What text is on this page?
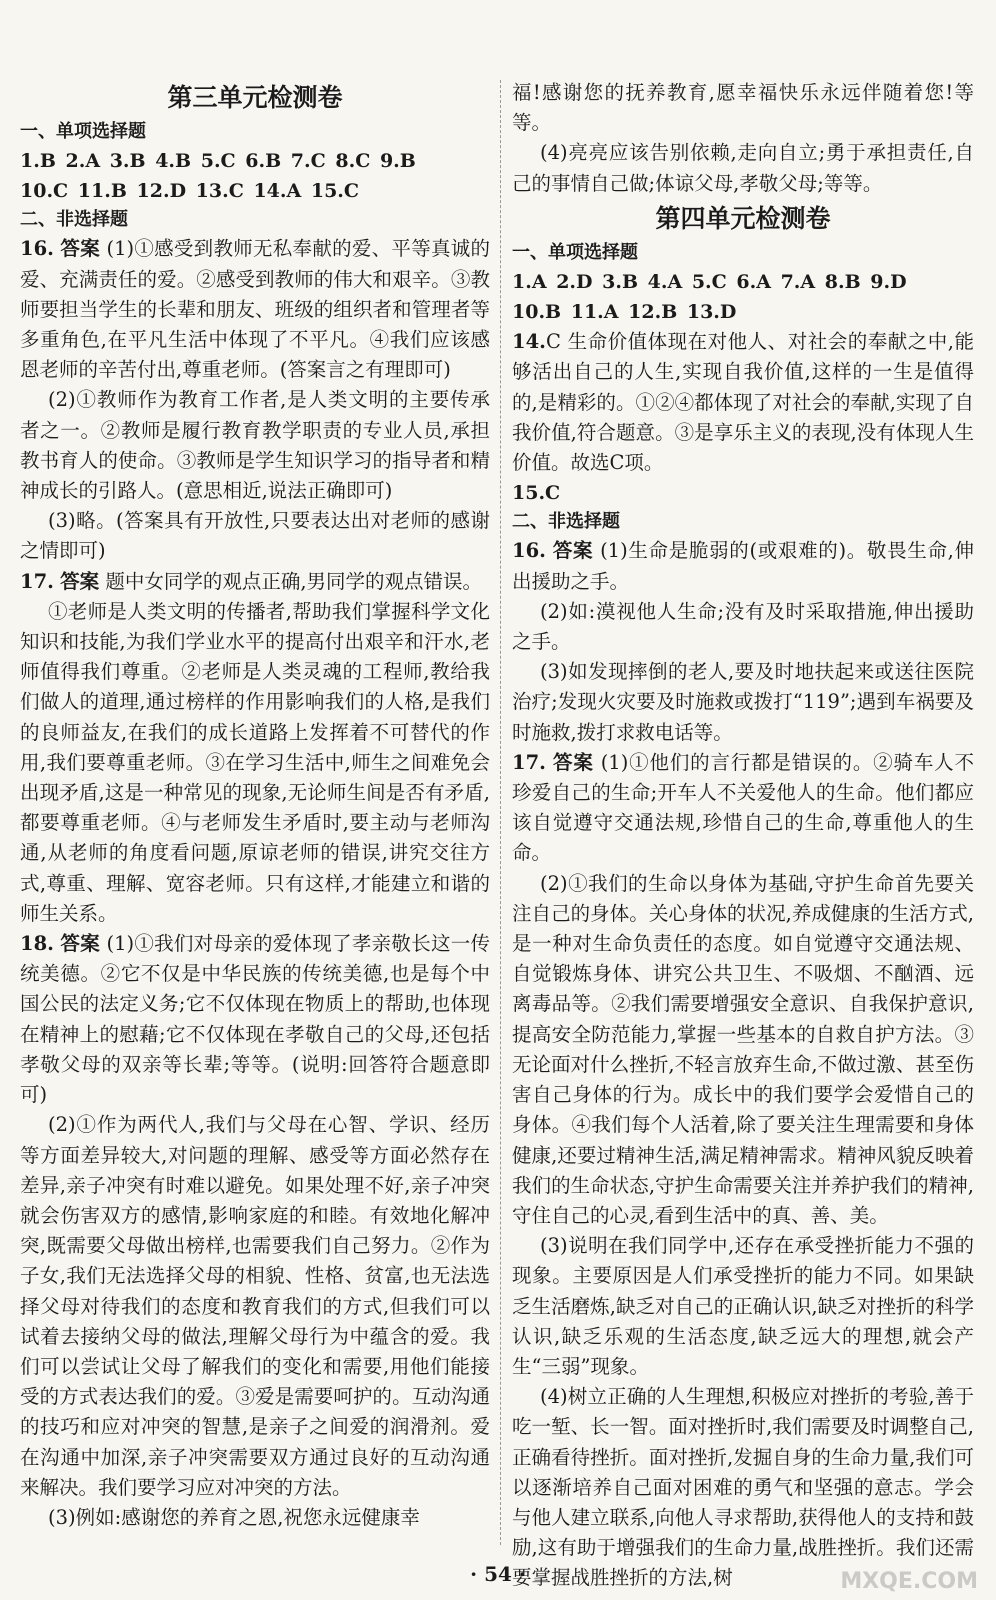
第三单元检测卷
一、单项选择题
1.B 2.A 3.B 4.B 5.C 6.B 7.C 8.C 9.B
10.C 11.B 12.D 13.C 14.A 15.C
二、非选择题

16. 答案 (1)①感受到教师无私奉献的爱、平等真诚的爱、充满责任的爱。②感受到教师的伟大和艰辛。③教师要担当学生的长辈和朋友、班级的组织者和管理者等多重角色,在平凡生活中体现了不平凡。④我们应该感恩老师的辛苦付出,尊重老师。(答案言之有理即可)

(2)①教师作为教育工作者,是人类文明的主要传承者之一。②教师是履行教育教学职责的专业人员,承担教书育人的使命。③教师是学生知识学习的指导者和精神成长的引路人。(意思相近,说法正确即可)

(3)略。(答案具有开放性,只要表达出对老师的感谢之情即可)

17. 答案 题中女同学的观点正确,男同学的观点错误。

①老师是人类文明的传播者,帮助我们掌握科学文化知识和技能,为我们学业水平的提高付出艰辛和汗水,老师值得我们尊重。②老师是人类灵魂的工程师,教给我们做人的道理,通过榜样的作用影响我们的人格,是我们的良师益友,在我们的成长道路上发挥着不可替代的作用,我们要尊重老师。③在学习生活中,师生之间难免会出现矛盾,这是一种常见的现象,无论师生间是否有矛盾,都要尊重老师。④与老师发生矛盾时,要主动与老师沟通,从老师的角度看问题,原谅老师的错误,讲究交往方式,尊重、理解、宽容老师。只有这样,才能建立和谐的师生关系。

18. 答案 (1)①我们对母亲的爱体现了孝亲敬长这一传统美德。②它不仅是中华民族的传统美德,也是每个中国公民的法定义务;它不仅体现在物质上的帮助,也体现在精神上的慰藉;它不仅体现在孝敬自己的父母,还包括孝敬父母的双亲等长辈;等等。(说明:回答符合题意即可)

(2)①作为两代人,我们与父母在心智、学识、经历等方面差异较大,对问题的理解、感受等方面必然存在差异,亲子冲突有时难以避免。如果处理不好,亲子冲突就会伤害双方的感情,影响家庭的和睦。有效地化解冲突,既需要父母做出榜样,也需要我们自己努力。②作为子女,我们无法选择父母的相貌、性格、贫富,也无法选择父母对待我们的态度和教育我们的方式,但我们可以试着去接纳父母的做法,理解父母行为中蕴含的爱。我们可以尝试让父母了解我们的变化和需要,用他们能接受的方式表达我们的爱。③爱是需要呵护的。互动沟通的技巧和应对冲突的智慧,是亲子之间爱的润滑剂。爱在沟通中加深,亲子冲突需要双方通过良好的互动沟通来解决。我们要学习应对冲突的方法。

(3)例如:感谢您的养育之恩,祝您永远健康幸

福!感谢您的抚养教育,愿幸福快乐永远伴随着您!等等。

(4)亮亮应该告别依赖,走向自立;勇于承担责任,自己的事情自己做;体谅父母,孝敬父母;等等。

第四单元检测卷
一、单项选择题
1.A 2.D 3.B 4.A 5.C 6.A 7.A 8.B 9.D
10.B 11.A 12.B 13.D

14.C 生命价值体现在对他人、对社会的奉献之中,能够活出自己的人生,实现自我价值,这样的一生是值得的,是精彩的。①②④都体现了对社会的奉献,实现了自我价值,符合题意。③是享乐主义的表现,没有体现人生价值。故选C项。

15.C
二、非选择题

16. 答案 (1)生命是脆弱的(或艰难的)。敬畏生命,伸出援助之手。

(2)如:漠视他人生命;没有及时采取措施,伸出援助之手。

(3)如发现摔倒的老人,要及时地扶起来或送往医院治疗;发现火灾要及时施救或拨打“119”;遇到车祸要及时施救,拨打求救电话等。

17. 答案 (1)①他们的言行都是错误的。②骑车人不珍爱自己的生命;开车人不关爱他人的生命。他们都应该自觉遵守交通法规,珍惜自己的生命,尊重他人的生命。

(2)①我们的生命以身体为基础,守护生命首先要关注自己的身体。关心身体的状况,养成健康的生活方式,是一种对生命负责任的态度。如自觉遵守交通法规、自觉锻炼身体、讲究公共卫生、不吸烟、不酗酒、远离毒品等。②我们需要增强安全意识、自我保护意识,提高安全防范能力,掌握一些基本的自救自护方法。③无论面对什么挫折,不轻言放弃生命,不做过激、甚至伤害自己身体的行为。成长中的我们要学会爱惜自己的身体。④我们每个人活着,除了要关注生理需要和身体健康,还要过精神生活,满足精神需求。精神风貌反映着我们的生命状态,守护生命需要关注并养护我们的精神,守住自己的心灵,看到生活中的真、善、美。

(3)说明在我们同学中,还存在承受挫折能力不强的现象。主要原因是人们承受挫折的能力不同。如果缺乏生活磨炼,缺乏对自己的正确认识,缺乏对挫折的科学认识,缺乏乐观的生活态度,缺乏远大的理想,就会产生“三弱”现象。

(4)树立正确的人生理想,积极应对挫折的考验,善于吃一堑、长一智。面对挫折时,我们需要及时调整自己,正确看待挫折。面对挫折,发掘自身的生命力量,我们可以逐渐培养自己面对困难的勇气和坚强的意志。学会与他人建立联系,向他人寻求帮助,获得他人的支持和鼓励,这有助于增强我们的生命力量,战胜挫折。我们还需要掌握战胜挫折的方法,树

· 54 ·	MXQE.COM
